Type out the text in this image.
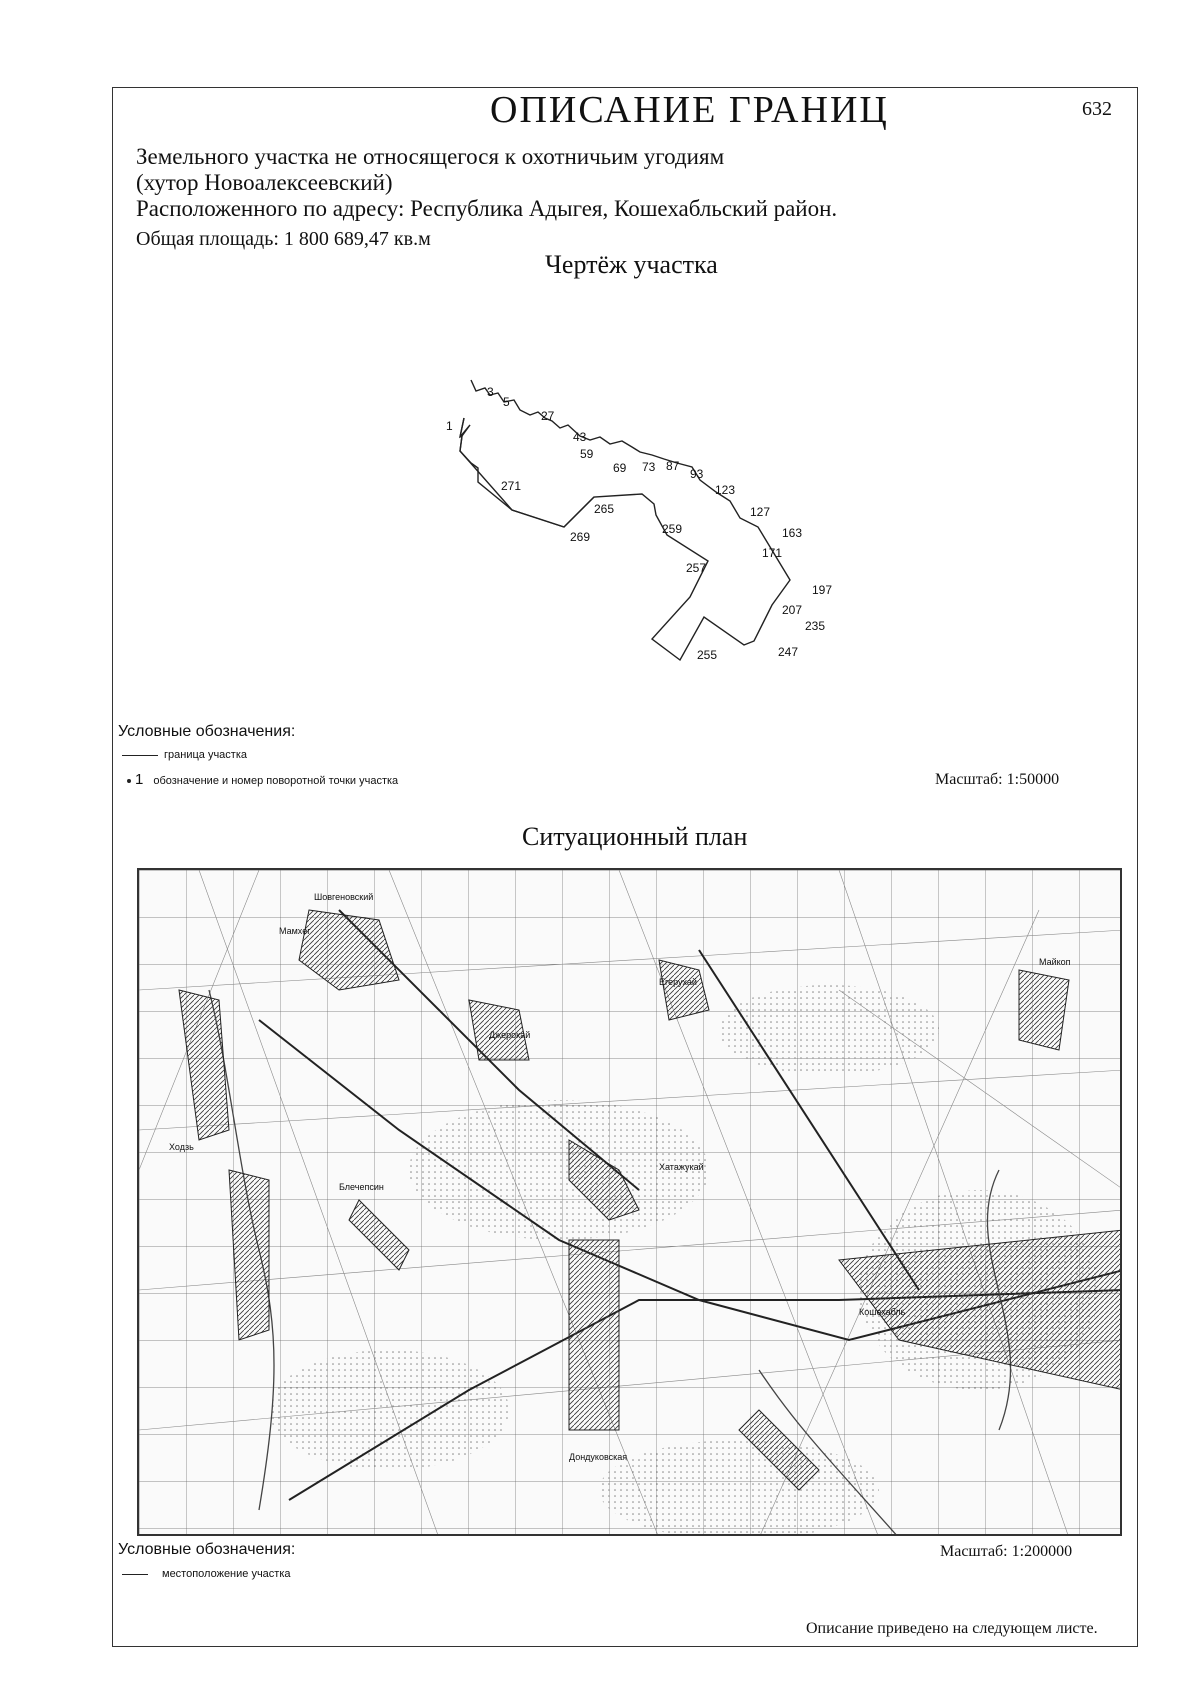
ОПИСАНИЕ ГРАНИЦ	632
Земельного участка не относящегося к охотничьим угодиям
(хутор Новоалексеевский)
Расположенного по адресу: Республика Адыгея, Кошехабльский район.
Общая площадь: 1 800 689,47 кв.м
Чертёж участка
1
3
5
27
43
59
69 73 87
93
123
127
163
171
197
207
235
247
255
257
259
265
269
271
Условные обозначения:
граница участка
1 обозначение и номер поворотной точки участка	Масштаб: 1:50000
Ситуационный план
Шовгеновский
Мамхег
Джерокай
Хатажукай
Дондуковская
Кошехабль
Егерухай
Ходзь
Блечепсин
Майкоп
Условные обозначения:	Масштаб: 1:200000
местоположение участка
Описание приведено на следующем листе.
